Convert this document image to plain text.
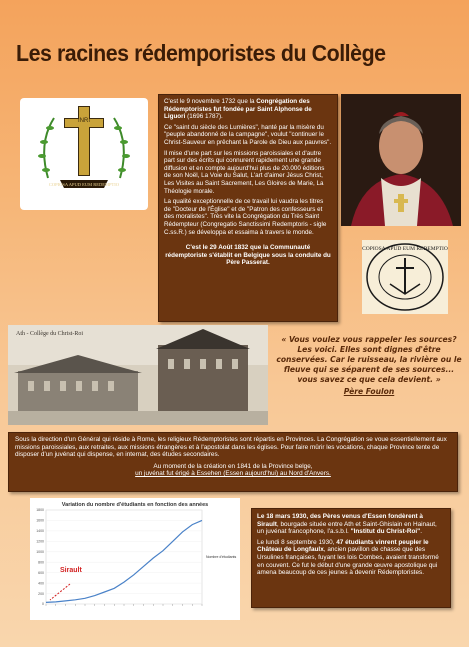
Les racines rédemporistes du Collège
INRI
COPIOSA APUD EUM REDEMPTIO

C'est le 9 novembre 1732 que la Congrégation des Rédemptoristes fut fondée par Saint Alphonse de Liguori (1696 1787).

Ce "saint du siècle des Lumières", hanté par la misère du "peuple abandonné de la campagne", voulut "continuer le Christ-Sauveur en prêchant la Parole de Dieu aux pauvres".

Il mise d'une part sur les missions paroissiales et d'autre part sur des écrits qui connurent rapidement une grande diffusion et en compte aujourd'hui plus de 20.000 éditions de son Noël, La Voie du Salut, L'art d'aimer Jésus Christ, Les Visites au Saint Sacrement, Les Gloires de Marie, La Théologie morale.

La qualité exceptionnelle de ce travail lui vaudra les titres de "Docteur de l'Église" et de "Patron des confesseurs et des moralistes". Très vite la Congrégation du Très Saint Rédempteur (Congregatio Sanctissimi Redemptoris - sigle C.ss.R.) se développa et essaima à travers le monde.

C'est le 29 Août 1832 que la Communauté rédemptoriste s'établit en Belgique sous la conduite du Père Passerat.

COPIOSA APUD EUM REDEMPTIO
Ath - Collège du Christ-Roi
« Vous voulez vous rappeler les sources? Les voici. Elles sont dignes d'être conservées. Car le ruisseau, la rivière ou le fleuve qui se séparent de ses sources... vous savez ce que cela devient. »
Père Foulon

Sous la direction d'un Général qui réside à Rome, les religieux Rédemptoristes sont répartis en Provinces. La Congrégation se voue essentiellement aux missions paroissiales, aux retraites, aux missions étrangères et à l'apostolat dans les églises. Pour faire mûrir les vocations, chaque Province tente de disposer d'un juvénat qui dispense, en internat, des études secondaires.

Au moment de la création en 1841 de la Province belge,
un juvénat fut érigé à Essehen (Essen aujourd'hui) au Nord d'Anvers.

Variation du nombre d'étudiants en fonction des années
0
200
400
600
800
1000
1200
1400
1600
1800
Nombre d'étudiants
Sirault

Le 18 mars 1930, des Pères venus d'Essen fondèrent à Sirault, bourgade située entre Ath et Saint-Ghislain en Hainaut, un juvénat francophone, l'a.s.b.l. "Institut du Christ-Roi".

Le lundi 8 septembre 1930, 47 étudiants vinrent peupler le Château de Longfaulx, ancien pavillon de chasse que des Ursulines françaises, fuyant les lois Combes, avaient transformé en couvent. Ce fut le début d'une grande œuvre apostolique qui amena beaucoup de ces jeunes à devenir Rédemptoristes.
